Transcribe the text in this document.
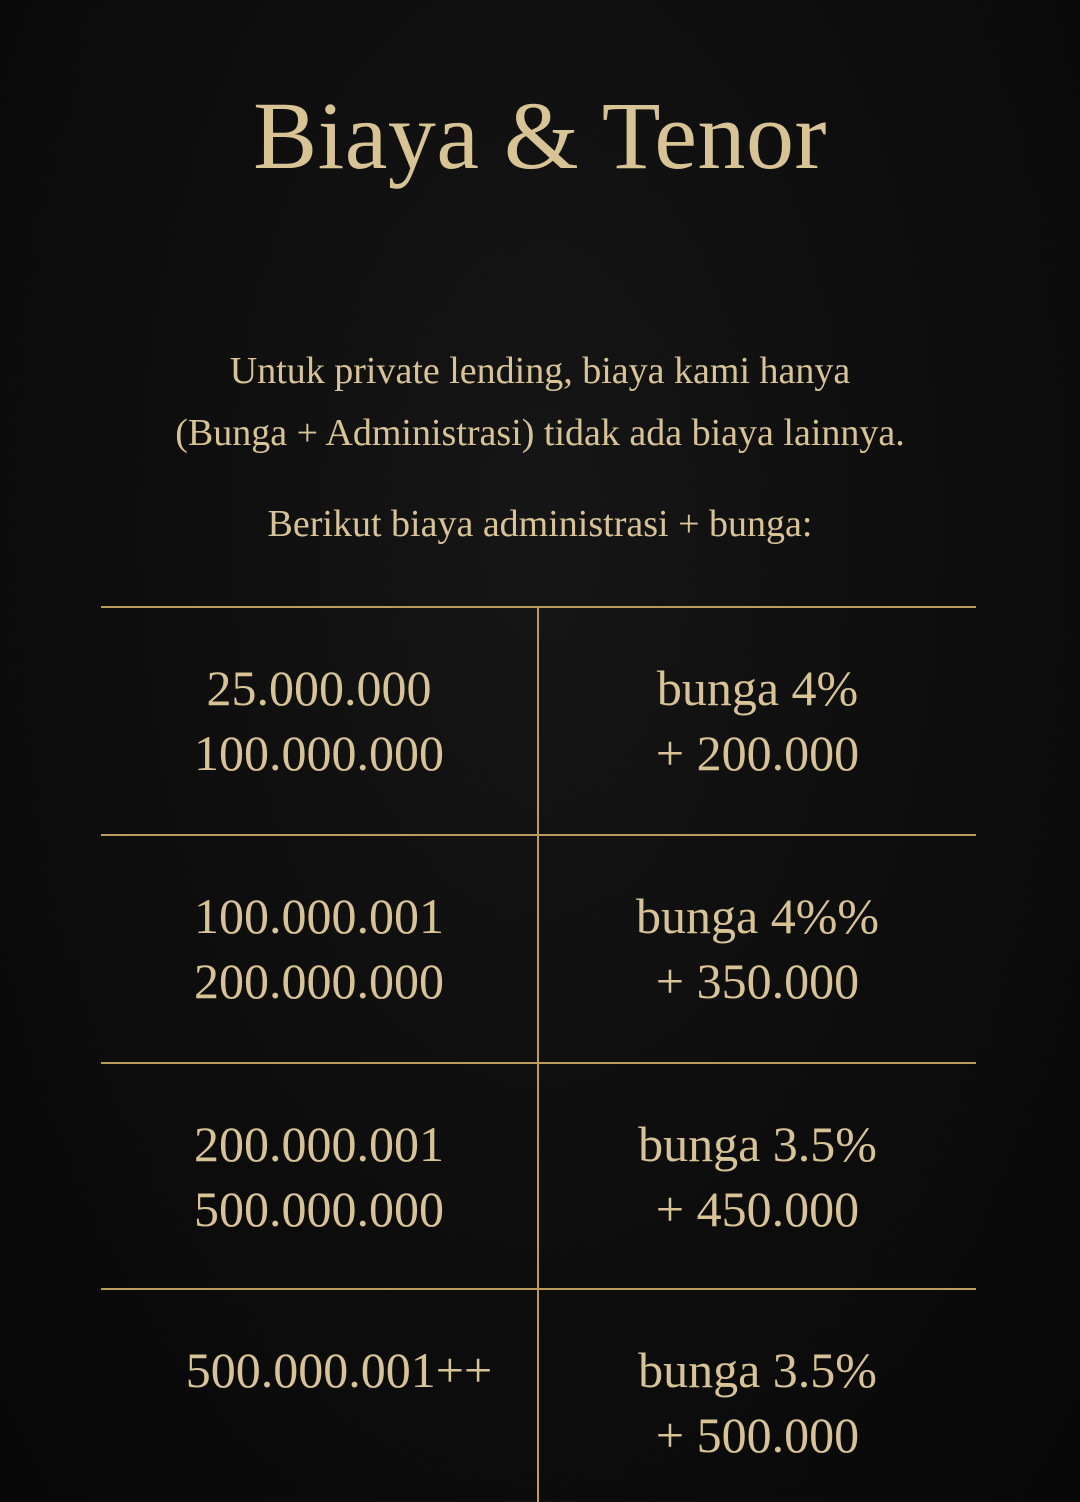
Biaya & Tenor
Untuk private lending, biaya kami hanya
(Bunga + Administrasi) tidak ada biaya lainnya.
Berikut biaya administrasi + bunga:
25.000.000
100.000.000
bunga 4%
+ 200.000
100.000.001
200.000.000
bunga 4%%
+ 350.000
200.000.001
500.000.000
bunga 3.5%
+ 450.000
500.000.001++	bunga 3.5%
+ 500.000
